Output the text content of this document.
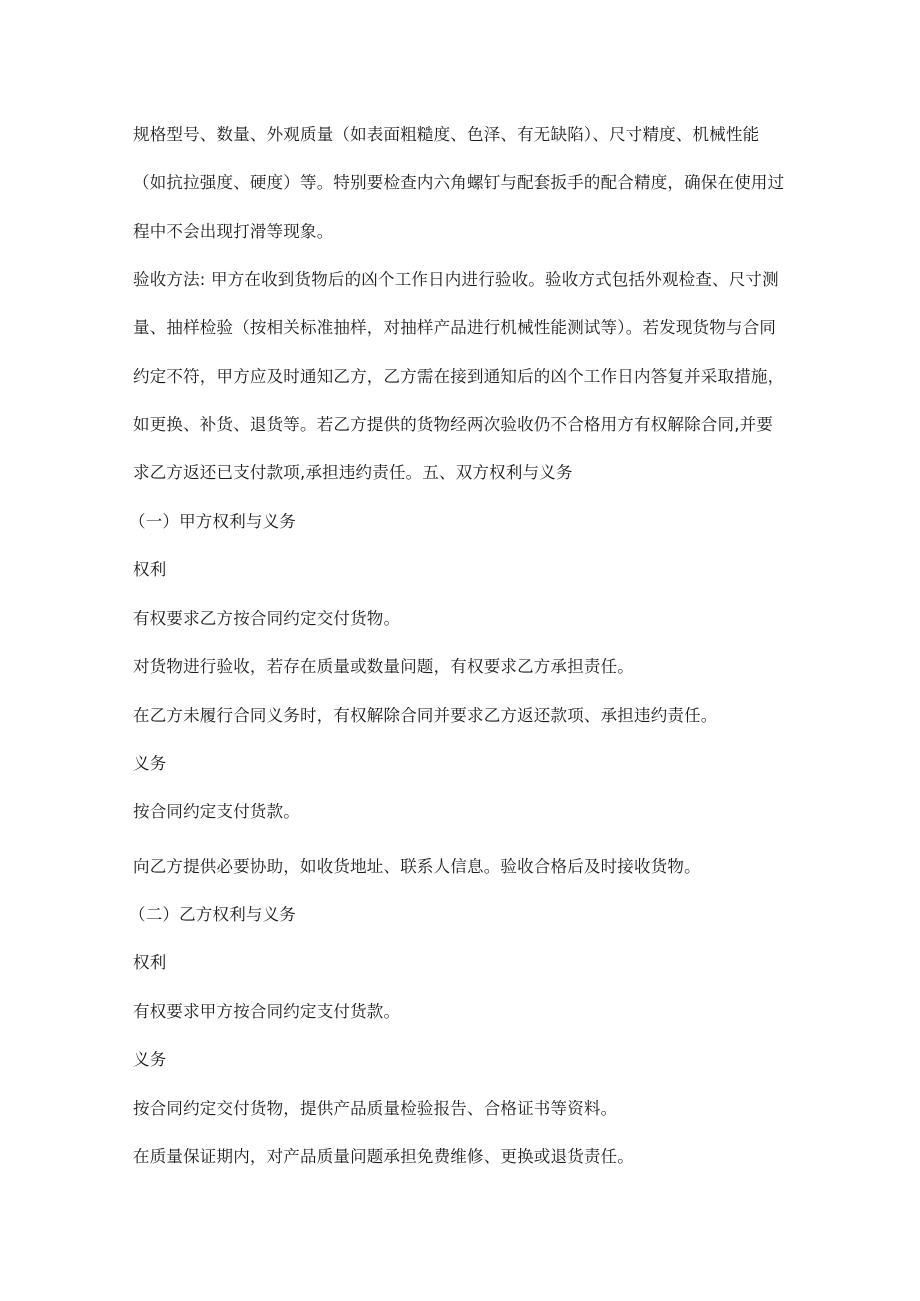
规格型号、数量、外观质量（如表面粗糙度、色泽、有无缺陷）、尺寸精度、机械性能
（如抗拉强度、硬度）等。特别要检查内六角螺钉与配套扳手的配合精度，确保在使用过
程中不会出现打滑等现象。
验收方法: 甲方在收到货物后的凶个工作日内进行验收。验收方式包括外观检查、尺寸测
量、抽样检验（按相关标准抽样，对抽样产品进行机械性能测试等）。若发现货物与合同
约定不符，甲方应及时通知乙方，乙方需在接到通知后的凶个工作日内答复并采取措施，
如更换、补货、退货等。若乙方提供的货物经两次验收仍不合格用方有权解除合同,并要
求乙方返还已支付款项,承担违约责任。五、双方权利与义务
（一）甲方权利与义务
权利
有权要求乙方按合同约定交付货物。
对货物进行验收，若存在质量或数量问题，有权要求乙方承担责任。
在乙方未履行合同义务时，有权解除合同并要求乙方返还款项、承担违约责任。
义务
按合同约定支付货款。
向乙方提供必要协助，如收货地址、联系人信息。验收合格后及时接收货物。
（二）乙方权利与义务
权利
有权要求甲方按合同约定支付货款。
义务
按合同约定交付货物，提供产品质量检验报告、合格证书等资料。
在质量保证期内，对产品质量问题承担免费维修、更换或退货责任。
